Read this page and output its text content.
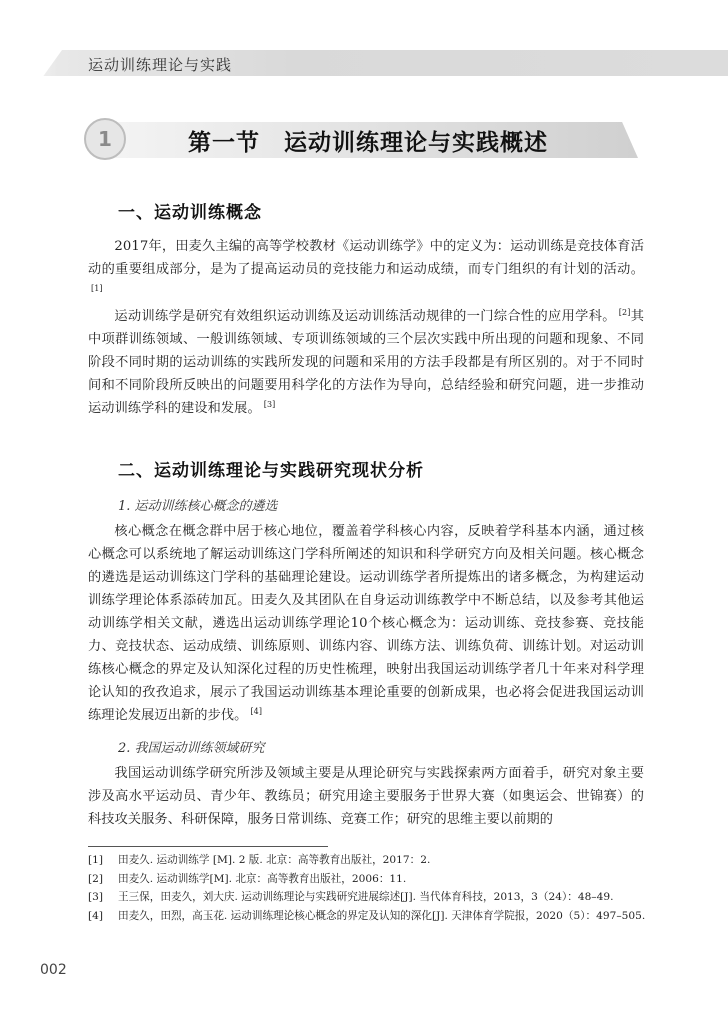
运动训练理论与实践
1	第一节　运动训练理论与实践概述
一、运动训练概念
2017年，田麦久主编的高等学校教材《运动训练学》中的定义为：运动训练是竞技体育活动的重要组成部分，是为了提高运动员的竞技能力和运动成绩，而专门组织的有计划的活动。[1]
运动训练学是研究有效组织运动训练及运动训练活动规律的一门综合性的应用学科。 [2]其中项群训练领域、一般训练领域、专项训练领域的三个层次实践中所出现的问题和现象、不同阶段不同时期的运动训练的实践所发现的问题和采用的方法手段都是有所区别的。对于不同时间和不同阶段所反映出的问题要用科学化的方法作为导向，总结经验和研究问题，进一步推动运动训练学科的建设和发展。 [3]
二、运动训练理论与实践研究现状分析
1. 运动训练核心概念的遴选
核心概念在概念群中居于核心地位，覆盖着学科核心内容，反映着学科基本内涵，通过核心概念可以系统地了解运动训练这门学科所阐述的知识和科学研究方向及相关问题。核心概念的遴选是运动训练这门学科的基础理论建设。运动训练学者所提炼出的诸多概念，为构建运动训练学理论体系添砖加瓦。田麦久及其团队在自身运动训练教学中不断总结，以及参考其他运动训练学相关文献，遴选出运动训练学理论10个核心概念为：运动训练、竞技参赛、竞技能力、竞技状态、运动成绩、训练原则、训练内容、训练方法、训练负荷、训练计划。对运动训练核心概念的界定及认知深化过程的历史性梳理，映射出我国运动训练学者几十年来对科学理论认知的孜孜追求，展示了我国运动训练基本理论重要的创新成果，也必将会促进我国运动训练理论发展迈出新的步伐。 [4]
2. 我国运动训练领域研究
我国运动训练学研究所涉及领域主要是从理论研究与实践探索两方面着手，研究对象主要涉及高水平运动员、青少年、教练员；研究用途主要服务于世界大赛（如奥运会、世锦赛）的科技攻关服务、科研保障，服务日常训练、竞赛工作；研究的思维主要以前期的
[1]	田麦久. 运动训练学 [M]. 2 版. 北京：高等教育出版社，2017：2.
[2]	田麦久. 运动训练学[M]. 北京：高等教育出版社，2006：11.
[3]	王三保，田麦久，刘大庆. 运动训练理论与实践研究进展综述[J]. 当代体育科技，2013，3（24）：48–49.
[4]	田麦久，田烈，高玉花. 运动训练理论核心概念的界定及认知的深化[J]. 天津体育学院报，2020（5）：497–505.
002
